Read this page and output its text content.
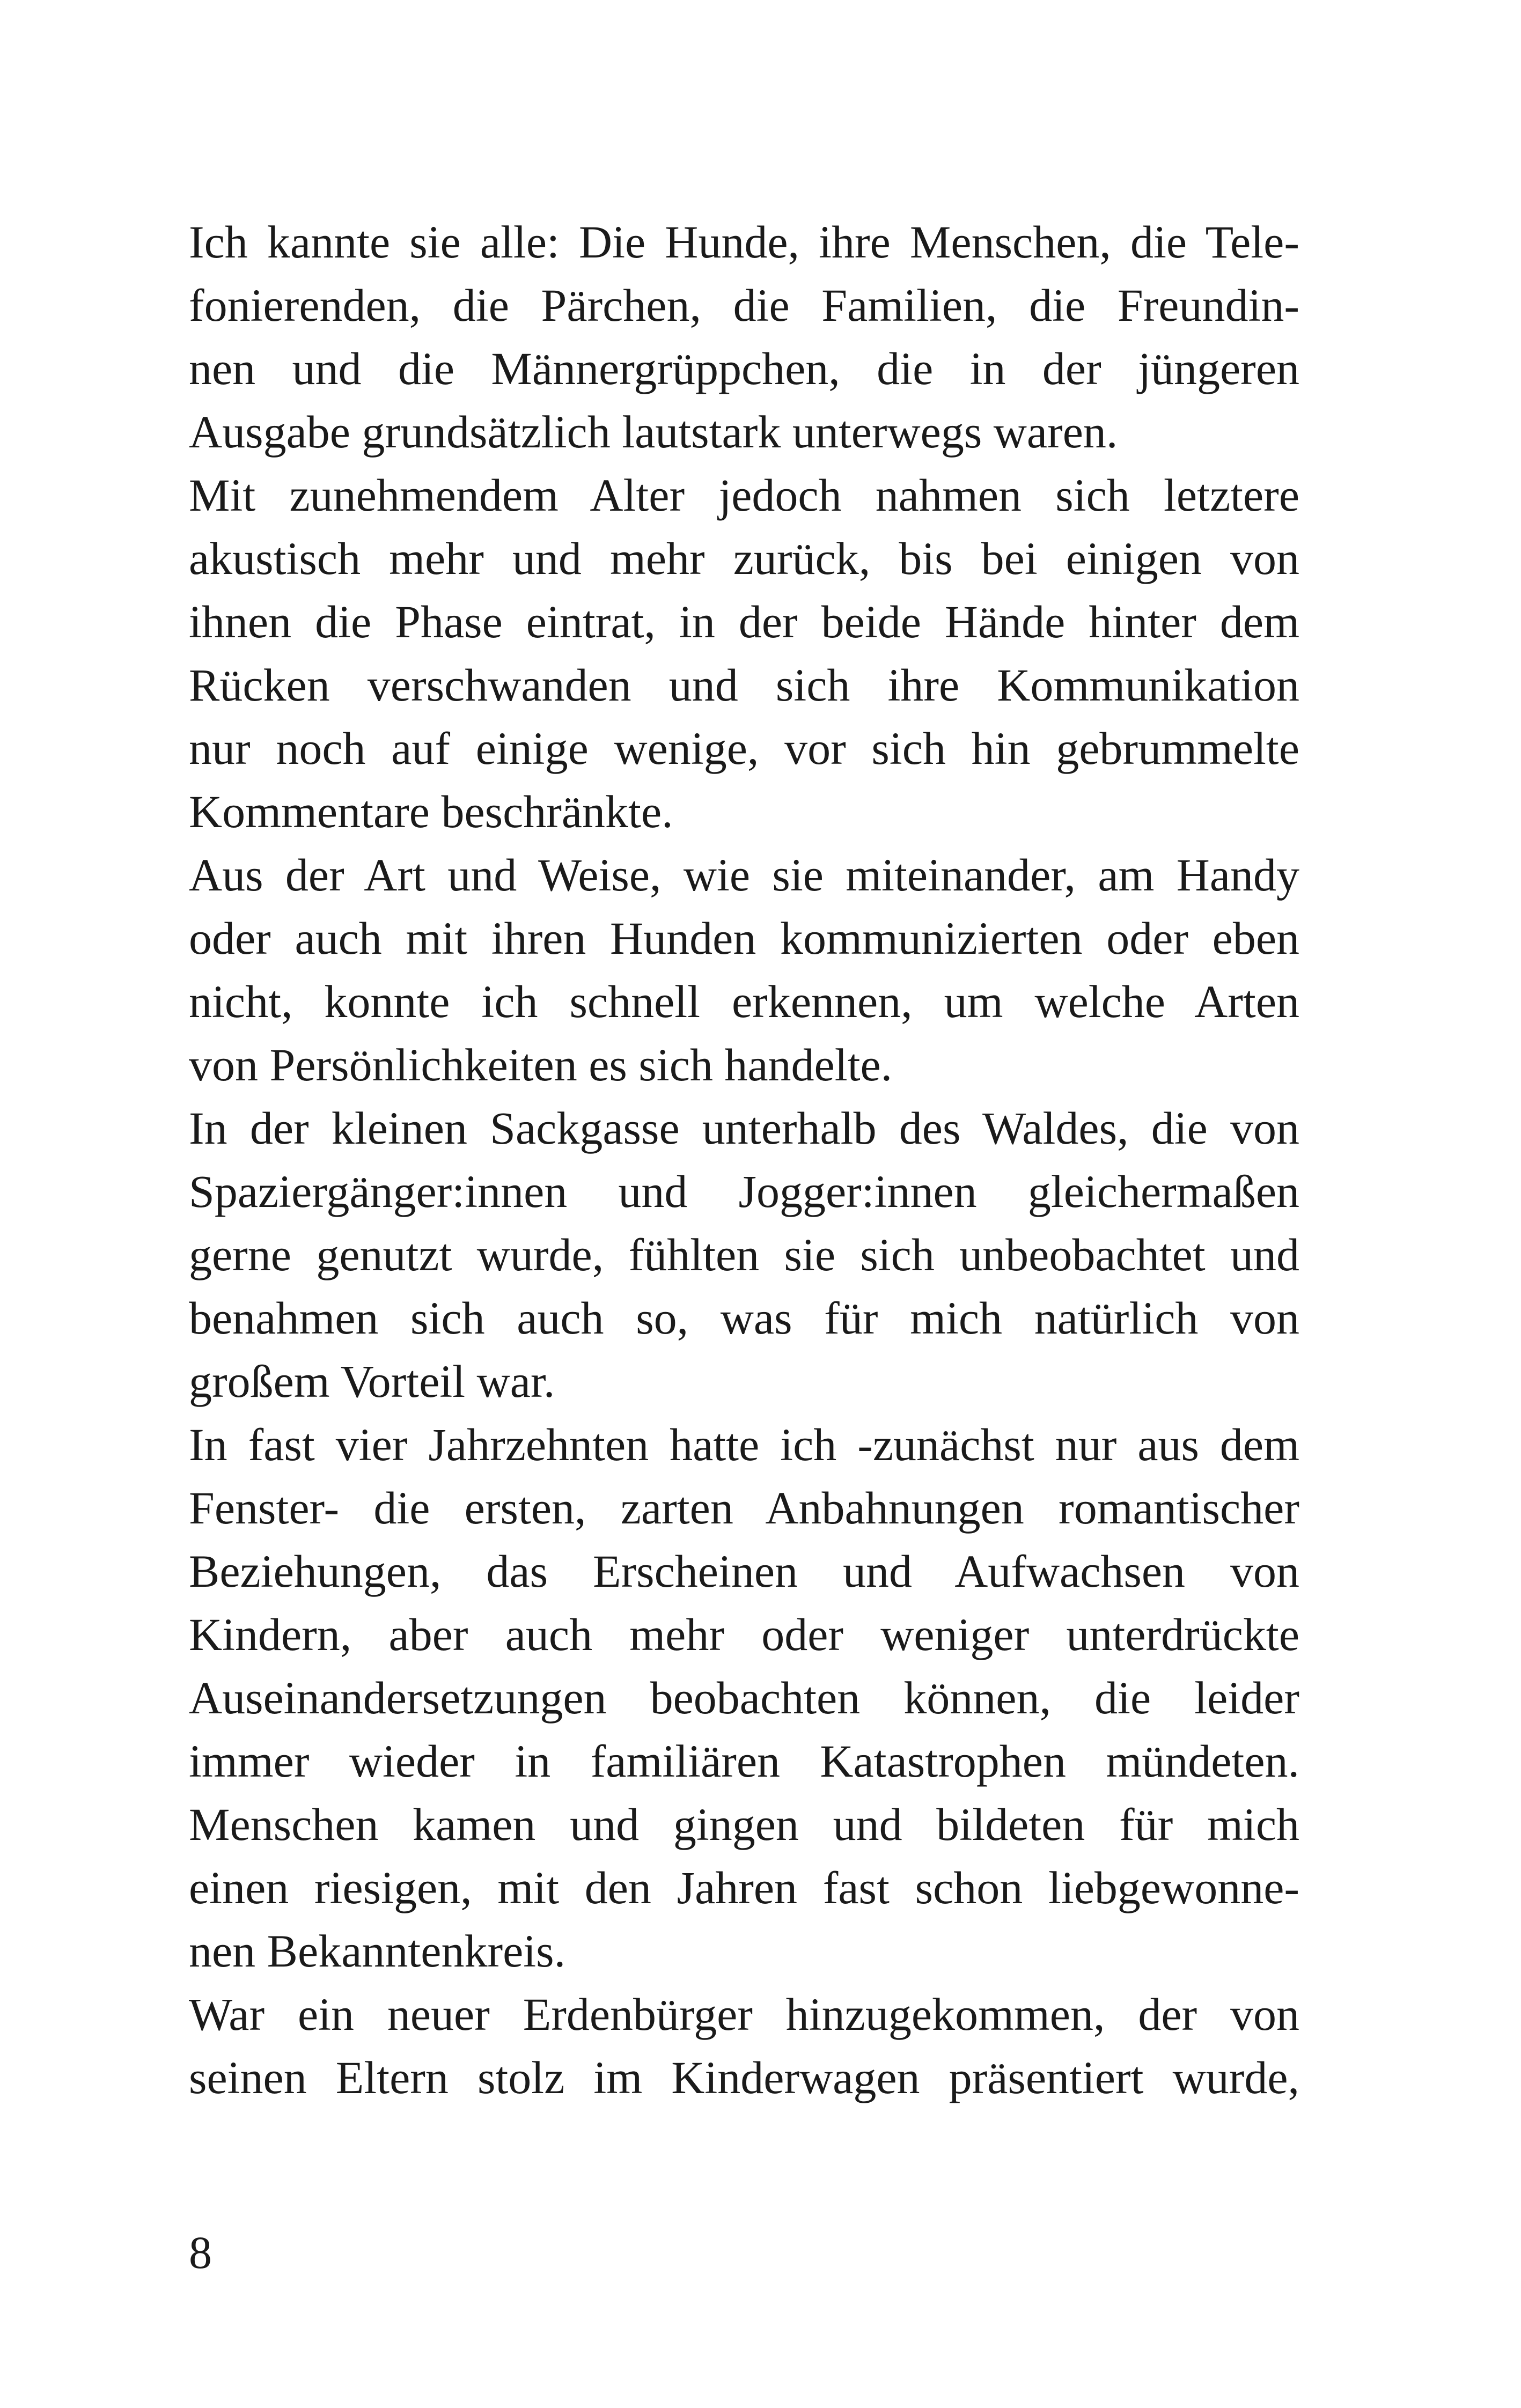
Ich kannte sie alle: Die Hunde, ihre Menschen, die Tele-
fonierenden, die Pärchen, die Familien, die Freundin-
nen und die Männergrüppchen, die in der jüngeren
Ausgabe grundsätzlich lautstark unterwegs waren.
Mit zunehmendem Alter jedoch nahmen sich letztere
akustisch mehr und mehr zurück, bis bei einigen von
ihnen die Phase eintrat, in der beide Hände hinter dem
Rücken verschwanden und sich ihre Kommunikation
nur noch auf einige wenige, vor sich hin gebrummelte
Kommentare beschränkte.
Aus der Art und Weise, wie sie miteinander, am Handy
oder auch mit ihren Hunden kommunizierten oder eben
nicht, konnte ich schnell erkennen, um welche Arten
von Persönlichkeiten es sich handelte.
In der kleinen Sackgasse unterhalb des Waldes, die von
Spaziergänger:innen und Jogger:innen gleichermaßen
gerne genutzt wurde, fühlten sie sich unbeobachtet und
benahmen sich auch so, was für mich natürlich von
großem Vorteil war.
In fast vier Jahrzehnten hatte ich -zunächst nur aus dem
Fenster- die ersten, zarten Anbahnungen romantischer
Beziehungen, das Erscheinen und Aufwachsen von
Kindern, aber auch mehr oder weniger unterdrückte
Auseinandersetzungen beobachten können, die leider
immer wieder in familiären Katastrophen mündeten.
Menschen kamen und gingen und bildeten für mich
einen riesigen, mit den Jahren fast schon liebgewonne-
nen Bekanntenkreis.
War ein neuer Erdenbürger hinzugekommen, der von
seinen Eltern stolz im Kinderwagen präsentiert wurde,
8
